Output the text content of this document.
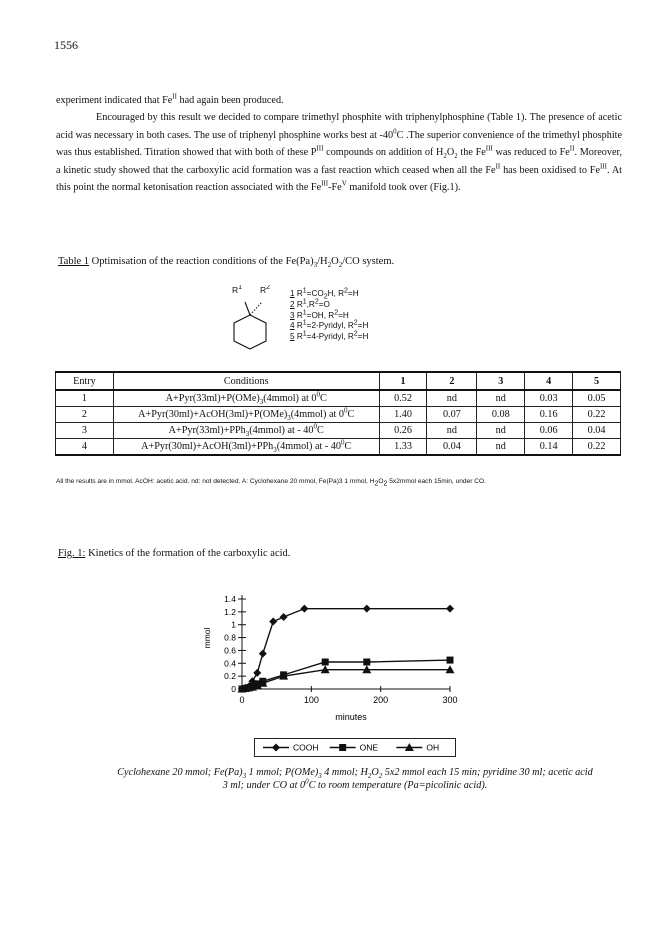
1556
experiment indicated that $Fe^{II}$ had again been produced.
Encouraged by this result we decided to compare trimethyl phosphite with triphenylphosphine (Table 1). The presence of acetic acid was necessary in both cases. The use of triphenyl phosphine works best at $-40^0C$ .The superior convenience of the trimethyl phosphite was thus established. Titration showed that with both of these $P^{III}$ compounds on addition of $H_2O_2$ the $Fe^{III}$ was reduced to $Fe^{II}$. Moreover, a kinetic study showed that the carboxylic acid formation was a fast reaction which ceased when all the $Fe^{II}$ has been oxidised to $Fe^{III}$. At this point the normal ketonisation reaction associated with the $Fe^{III}-Fe^V$ manifold took over (Fig.1).
Table 1 Optimisation of the reaction conditions of the $Fe(Pa)_3/H_2O_2/CO$ system.
$R^1$	$R^2$
1 $R^1=CO_2H$, $R^2=H$
2 $R^1,R^2=O$
3 $R^1=OH$, $R^2=H$
4 $R^1=2$-Pyridyl, $R^2=H$
5 $R^1=4$-Pyridyl, $R^2=H$
Entry	Conditions	1	2	3	4	5
1	$A+Pyr(33ml)+P(OMe)_3(4mmol)$ at $0^0C$	0.52	nd	nd	0.03	0.05
2	$A+Pyr(30ml)+AcOH(3ml)+P(OMe)_3(4mmol)$ at $0^0C$	1.40	0.07	0.08	0.16	0.22
3	A+Pyr(33ml)+PPh$_3$(4mmol) at - $40^0C$	0.26	nd	nd	0.06	0.04
4	A+Pyr(30ml)+AcOH(3ml)+PPh$_3$(4mmol) at - $40^0C$	1.33	0.04	nd	0.14	0.22
All the results are in mmol. AcOH: acetic acid. nd: not detected. A: Cyclohexane 20 mmol, Fe(Pa)3 1 mmol, $H_2O_2$ 5x2mmol each 15min, under CO.
Fig. 1: Kinetics of the formation of the carboxylic acid.
0
0.2
0.4
0.6
0.8
1
1.2
1.4
0	100	200	300
mmol
minutes
COOH	ONE	OH
Cyclohexane 20 mmol; $Fe(Pa)_3$ 1 mmol; $P(OMe)_3$ 4 mmol; $H_2O_2$ 5x2 mmol each 15 min; pyridine 30 ml; acetic acid 3 ml; under CO at $0^0C$ to room temperature (Pa=picolinic acid).
